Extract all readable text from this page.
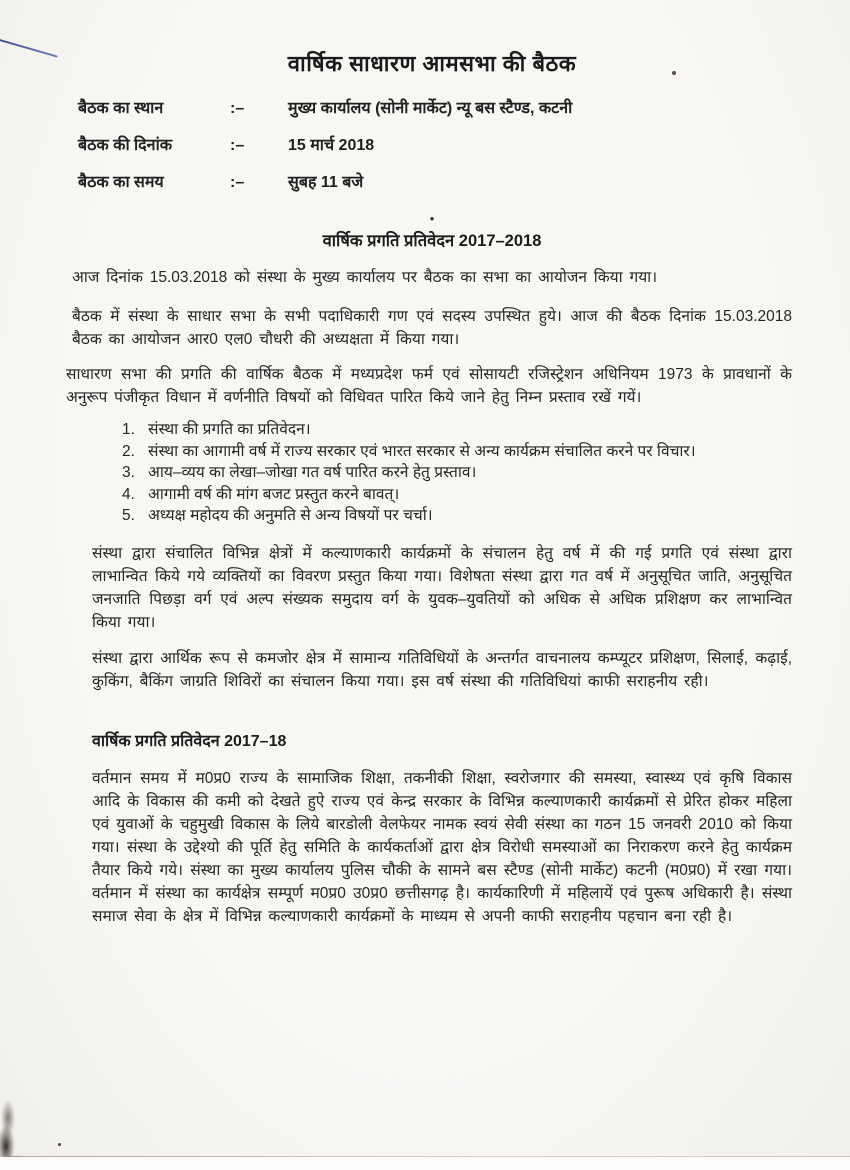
वार्षिक साधारण आमसभा की बैठक
बैठक का स्थान	:–	मुख्य कार्यालय (सोनी मार्केट) न्यू बस स्टैण्ड, कटनी
बैठक की दिनांक	:–	15 मार्च 2018
बैठक का समय	:–	सुबह 11 बजे
•
वार्षिक प्रगति प्रतिवेदन 2017–2018

आज दिनांक 15.03.2018 को संस्था के मुख्य कार्यालय पर बैठक का सभा का आयोजन किया गया।

बैठक में संस्था के साधार सभा के सभी पदाधिकारी गण एवं सदस्य उपस्थित हुये। आज की बैठक दिनांक 15.03.2018 बैठक का आयोजन आर0 एल0 चौधरी की अध्यक्षता में किया गया।

साधारण सभा की प्रगति की वार्षिक बैठक में मध्यप्रदेश फर्म एवं सोसायटी रजिस्ट्रेशन अधिनियम 1973 के प्रावधानों के अनुरूप पंजीकृत विधान में वर्णनीति विषयों को विधिवत पारित किये जाने हेतु निम्न प्रस्ताव रखें गयें।

1. संस्था की प्रगति का प्रतिवेदन।
2. संस्था का आगामी वर्ष में राज्य सरकार एवं भारत सरकार से अन्य कार्यक्रम संचालित करने पर विचार।
3. आय–व्यय का लेखा–जोखा गत वर्ष पारित करने हेतु प्रस्ताव।
4. आगामी वर्ष की मांग बजट प्रस्तुत करने बावत्।
5. अध्यक्ष महोदय की अनुमति से अन्य विषयों पर चर्चा।

संस्था द्वारा संचालित विभिन्न क्षेत्रों में कल्याणकारी कार्यक्रमों के संचालन हेतु वर्ष में की गई प्रगति एवं संस्था द्वारा लाभान्वित किये गये व्यक्तियों का विवरण प्रस्तुत किया गया। विशेषता संस्था द्वारा गत वर्ष में अनुसूचित जाति, अनुसूचित जनजाति पिछड़ा वर्ग एवं अल्प संख्यक समुदाय वर्ग के युवक–युवतियों को अधिक से अधिक प्रशिक्षण कर लाभान्वित किया गया।

संस्था द्वारा आर्थिक रूप से कमजोर क्षेत्र में सामान्य गतिविधियों के अन्तर्गत वाचनालय कम्प्यूटर प्रशिक्षण, सिलाई, कढ़ाई, कुकिंग, बैकिंग जाग्रति शिविरों का संचालन किया गया। इस वर्ष संस्था की गतिविधियां काफी सराहनीय रही।

वार्षिक प्रगति प्रतिवेदन 2017–18

वर्तमान समय में म0प्र0 राज्य के सामाजिक शिक्षा, तकनीकी शिक्षा, स्वरोजगार की समस्या, स्वास्थ्य एवं कृषि विकास आदि के विकास की कमी को देखते हुऐ राज्य एवं केन्द्र सरकार के विभिन्न कल्याणकारी कार्यक्रमों से प्रेरित होकर महिला एवं युवाओं के चहुमुखी विकास के लिये बारडोली वेलफेयर नामक स्वयं सेवी संस्था का गठन 15 जनवरी 2010 को किया गया। संस्था के उद्देश्यो की पूर्ति हेतु समिति के कार्यकर्ताओं द्वारा क्षेत्र विरोधी समस्याओं का निराकरण करने हेतु कार्यक्रम तैयार किये गये। संस्था का मुख्य कार्यालय पुलिस चौकी के सामने बस स्टैण्ड (सोनी मार्केट) कटनी (म0प्र0) में रखा गया। वर्तमान में संस्था का कार्यक्षेत्र सम्पूर्ण म0प्र0 उ0प्र0 छत्तीसगढ़ है। कार्यकारिणी में महिलायें एवं पुरूष अधिकारी है। संस्था समाज सेवा के क्षेत्र में विभिन्न कल्याणकारी कार्यक्रमों के माध्यम से अपनी काफी सराहनीय पहचान बना रही है।
